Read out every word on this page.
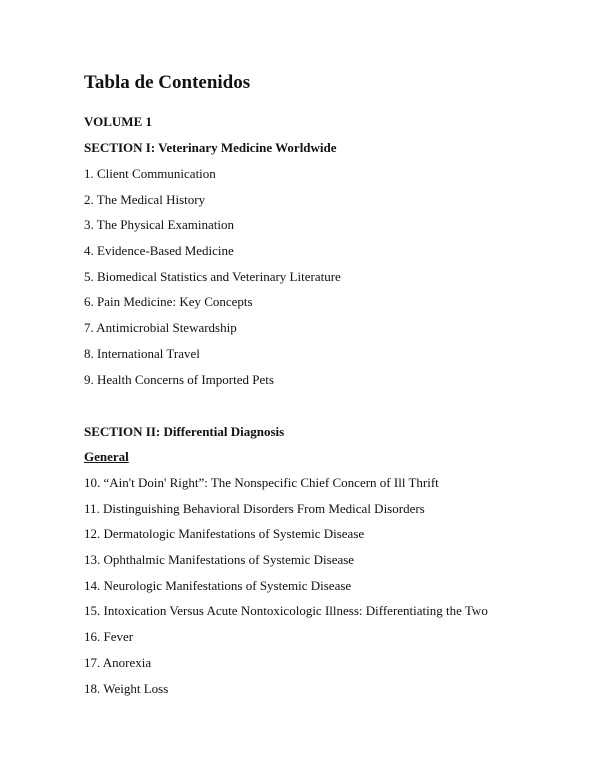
Tabla de Contenidos
VOLUME 1
SECTION I: Veterinary Medicine Worldwide
1. Client Communication
2. The Medical History
3. The Physical Examination
4. Evidence-Based Medicine
5. Biomedical Statistics and Veterinary Literature
6. Pain Medicine: Key Concepts
7. Antimicrobial Stewardship
8. International Travel
9. Health Concerns of Imported Pets
SECTION II: Differential Diagnosis
General
10. “Ain't Doin' Right”: The Nonspecific Chief Concern of Ill Thrift
11. Distinguishing Behavioral Disorders From Medical Disorders
12. Dermatologic Manifestations of Systemic Disease
13. Ophthalmic Manifestations of Systemic Disease
14. Neurologic Manifestations of Systemic Disease
15. Intoxication Versus Acute Nontoxicologic Illness: Differentiating the Two
16. Fever
17. Anorexia
18. Weight Loss
